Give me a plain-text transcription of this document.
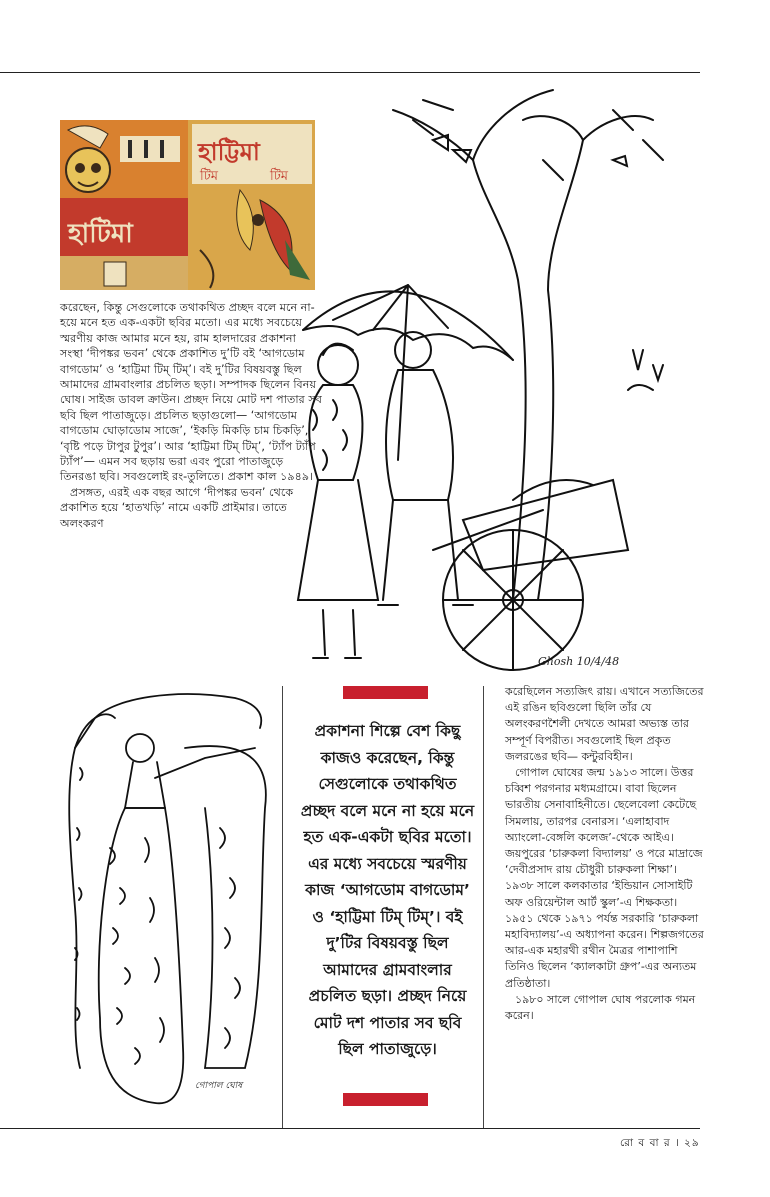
হাটিমা
হাট্টিমা
টিম	টিম
Ghosh 10/4/48
গোপাল ঘোষ

করেছেন, কিন্তু সেগুলোকে তথাকথিত প্রচ্ছদ বলে মনে না-হয়ে মনে হত এক-একটা ছবির মতো। এর মধ্যে সবচেয়ে স্মরণীয় কাজ আমার মনে হয়, রাম হালদারের প্রকাশনা সংস্থা ‘দীপঙ্কর ভবন’ থেকে প্রকাশিত দু’টি বই ‘আগডোম বাগডোম’ ও ‘হাট্টিমা টিম্‌ টিম্‌’। বই দু’টির বিষয়বস্তু ছিল আমাদের গ্রামবাংলার প্রচলিত ছড়া। সম্পাদক ছিলেন বিনয় ঘোষ। সাইজ ডাবল ক্রাউন। প্রচ্ছদ নিয়ে মোট দশ পাতার সব ছবি ছিল পাতাজুড়ে। প্রচলিত ছড়াগুলো— ‘আগডোম বাগডোম ঘোড়াডোম সাজে’, ‘ইকড়ি মিকড়ি চাম চিকড়ি’, ‘বৃষ্টি পড়ে টাপুর টুপুর’। আর ‘হাট্টিমা টিম্‌ টিম্‌’, ‘ট্যাঁপ ট্যাঁপ ট্যাঁপ’— এমন সব ছড়ায় ভরা এবং পুরো পাতাজুড়ে তিনরঙা ছবি। সবগুলোই রং-তুলিতে। প্রকাশ কাল ১৯৪৯।

প্রসঙ্গত, এরই এক বছর আগে ‘দীপঙ্কর ভবন’ থেকে প্রকাশিত হয়ে ‘হাতখড়ি’ নামে একটি প্রাইমার। তাতে অলংকরণ

প্রকাশনা শিল্পে বেশ কিছু কাজও করেছেন, কিন্তু সেগুলোকে তথাকথিত প্রচ্ছদ বলে মনে না হয়ে মনে হত এক-একটা ছবির মতো। এর মধ্যে সবচেয়ে স্মরণীয় কাজ ‘আগডোম বাগডোম’ ও ‘হাট্টিমা টিম্‌ টিম্‌’। বই দু’টির বিষয়বস্তু ছিল আমাদের গ্রামবাংলার প্রচলিত ছড়া। প্রচ্ছদ নিয়ে মোট দশ পাতার সব ছবি ছিল পাতাজুড়ে।

করেছিলেন সত্যজিৎ রায়। এখানে সত্যজিতের এই রঙিন ছবিগুলো ছিলি তাঁর যে অলংকরণশৈলী দেখতে আমরা অভ্যস্ত তার সম্পূর্ণ বিপরীত। সবগুলোই ছিল প্রকৃত জলরঙের ছবি— কন্টুরবিহীন।

গোপাল ঘোষের জন্ম ১৯১৩ সালে। উত্তর চব্বিশ পরগনার মধ্যমগ্রামে। বাবা ছিলেন ভারতীয় সেনাবাহিনীতে। ছেলেবেলা কেটেছে সিমলায়, তারপর বেনারস। ‘এলাহাবাদ অ্যাংলো-বেঙ্গলি কলেজ’-থেকে আইএ। জয়পুরের ‘চারুকলা বিদ্যালয়’ ও পরে মাদ্রাজে ‘দেবীপ্রসাদ রায় চৌধুরী চারুকলা শিক্ষা’। ১৯৩৮ সালে কলকাতার ‘ইন্ডিয়ান সোসাইটি অফ ওরিয়েন্টাল আর্ট স্কুল’-এ শিক্ষকতা। ১৯৫১ থেকে ১৯৭১ পর্যন্ত সরকারি ‘চারুকলা মহাবিদ্যালয়’-এ অধ্যাপনা করেন। শিল্পজগতের আর-এক মহারথী রথীন মৈত্রর পাশাপাশি তিনিও ছিলেন ‘ক্যালকাটা গ্রুপ’-এর অন্যতম প্রতিষ্ঠাতা।

১৯৮০ সালে গোপাল ঘোষ পরলোক গমন করেন।

রো ব বা র । ২৯
